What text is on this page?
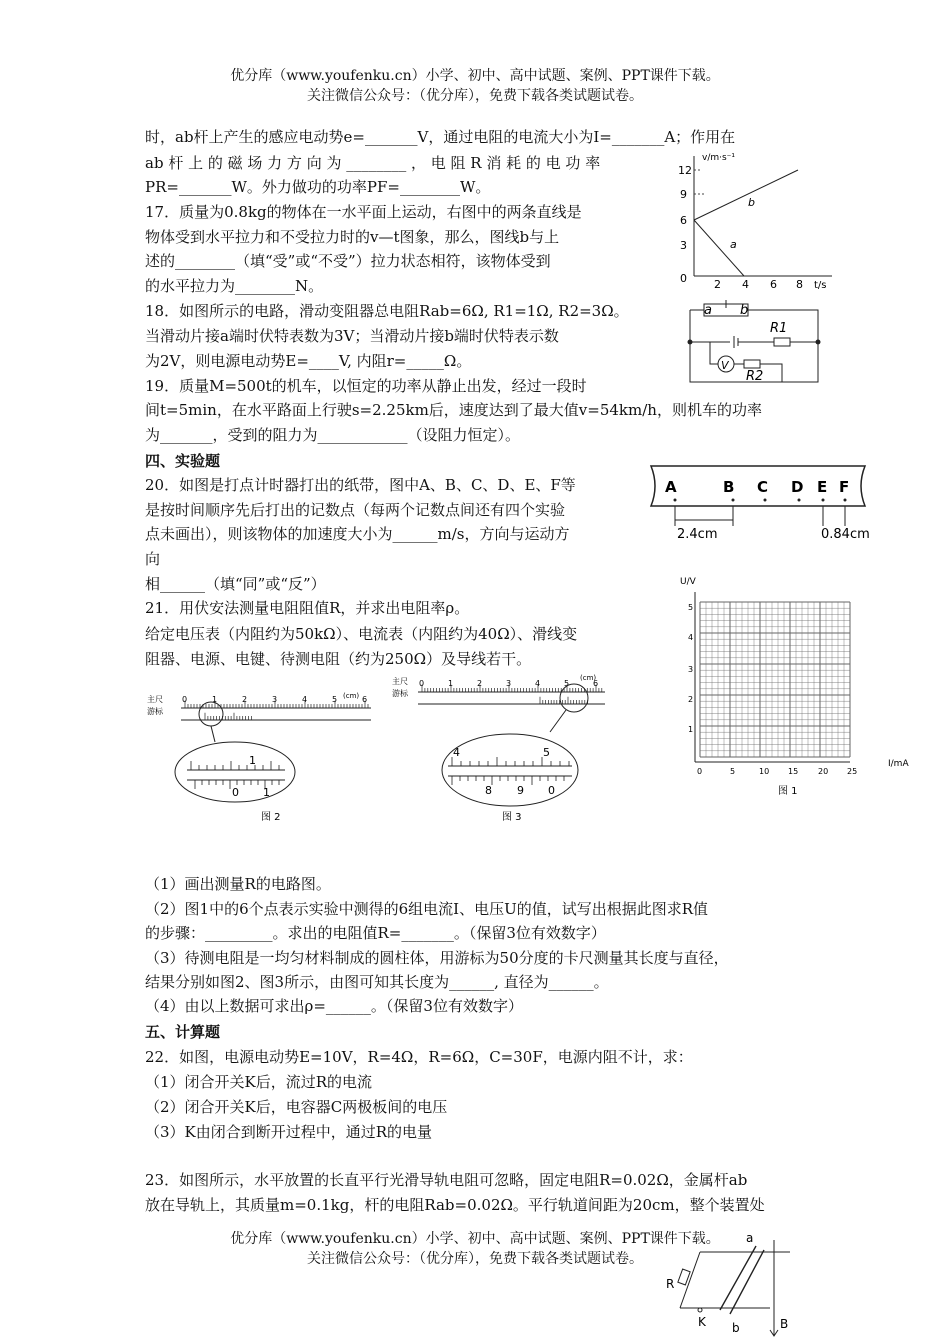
优分库（www.youfenku.cn）小学、初中、高中试题、案例、PPT课件下载。
关注微信公众号：（优分库），免费下载各类试题试卷。
时，ab杆上产生的感应电动势e=_______V，通过电阻的电流大小为I=_______A；作用在
ab 杆 上 的 磁 场 力 方 向 为 ________ ， 电 阻 R 消 耗 的 电 功 率
PR=_______W。外力做功的功率PF=________W。
17．质量为0.8kg的物体在一水平面上运动，右图中的两条直线是
物体受到水平拉力和不受拉力时的v—t图象，那么，图线b与上
述的________（填“受”或“不受”）拉力状态相符，该物体受到
的水平拉力为________N。
18．如图所示的电路，滑动变阻器总电阻Rab=6Ω, R1=1Ω, R2=3Ω。
当滑动片接a端时伏特表数为3V；当滑动片接b端时伏特表示数
为2V，则电源电动势E=____V, 内阻r=_____Ω。
19．质量M=500t的机车，以恒定的功率从静止出发，经过一段时
间t=5min，在水平路面上行驶s=2.25km后，速度达到了最大值v=54km/h，则机车的功率
为_______，受到的阻力为____________（设阻力恒定）。
四、实验题
20．如图是打点计时器打出的纸带，图中A、B、C、D、E、F等
是按时间顺序先后打出的记数点（每两个记数点间还有四个实验
点未画出），则该物体的加速度大小为______m/s，方向与运动方
向
相______（填“同”或“反”）
21．用伏安法测量电阻阻值R，并求出电阻率ρ。
给定电压表（内阻约为50kΩ）、电流表（内阻约为40Ω）、滑线变
阻器、电源、电键、待测电阻（约为250Ω）及导线若干。
（1）画出测量R的电路图。
（2）图1中的6个点表示实验中测得的6组电流I、电压U的值，试写出根据此图求R值
的步骤：_________。求出的电阻值R=_______。（保留3位有效数字）
（3）待测电阻是一均匀材料制成的圆柱体，用游标为50分度的卡尺测量其长度与直径，
结果分别如图2、图3所示，由图可知其长度为______, 直径为______。
（4）由以上数据可求出ρ=______。（保留3位有效数字）
五、计算题
22．如图，电源电动势E=10V，R=4Ω，R=6Ω，C=30F，电源内阻不计，求：
（1）闭合开关K后，流过R的电流
（2）闭合开关K后，电容器C两极板间的电压
（3）K由闭合到断开过程中，通过R的电量
23．如图所示，水平放置的长直平行光滑导轨电阻可忽略，固定电阻R=0.02Ω，金属杆ab
放在导轨上，其质量m=0.1kg，杆的电阻Rab=0.02Ω。平行轨道间距为20cm，整个装置处
优分库（www.youfenku.cn）小学、初中、高中试题、案例、PPT课件下载。
关注微信公众号：（优分库），免费下载各类试题试卷。
v/m·s⁻¹
12
9
6
3
0 2 4 6 8 t/s
b
a
a b
R1
V
R2
A	B C D E F
2.4cm	0.84cm
U/V
5
4
3
2
1
0	5	10 15 20 25
I/mA
图 1
主尺
游标
(cm)
0	1	2	3	4	5	6
1
0 1
图 2
主尺
游标
(cm)
0	1	2	3	4	5	6
4	5
8 9 0
图 3
a
b
R
K	B
